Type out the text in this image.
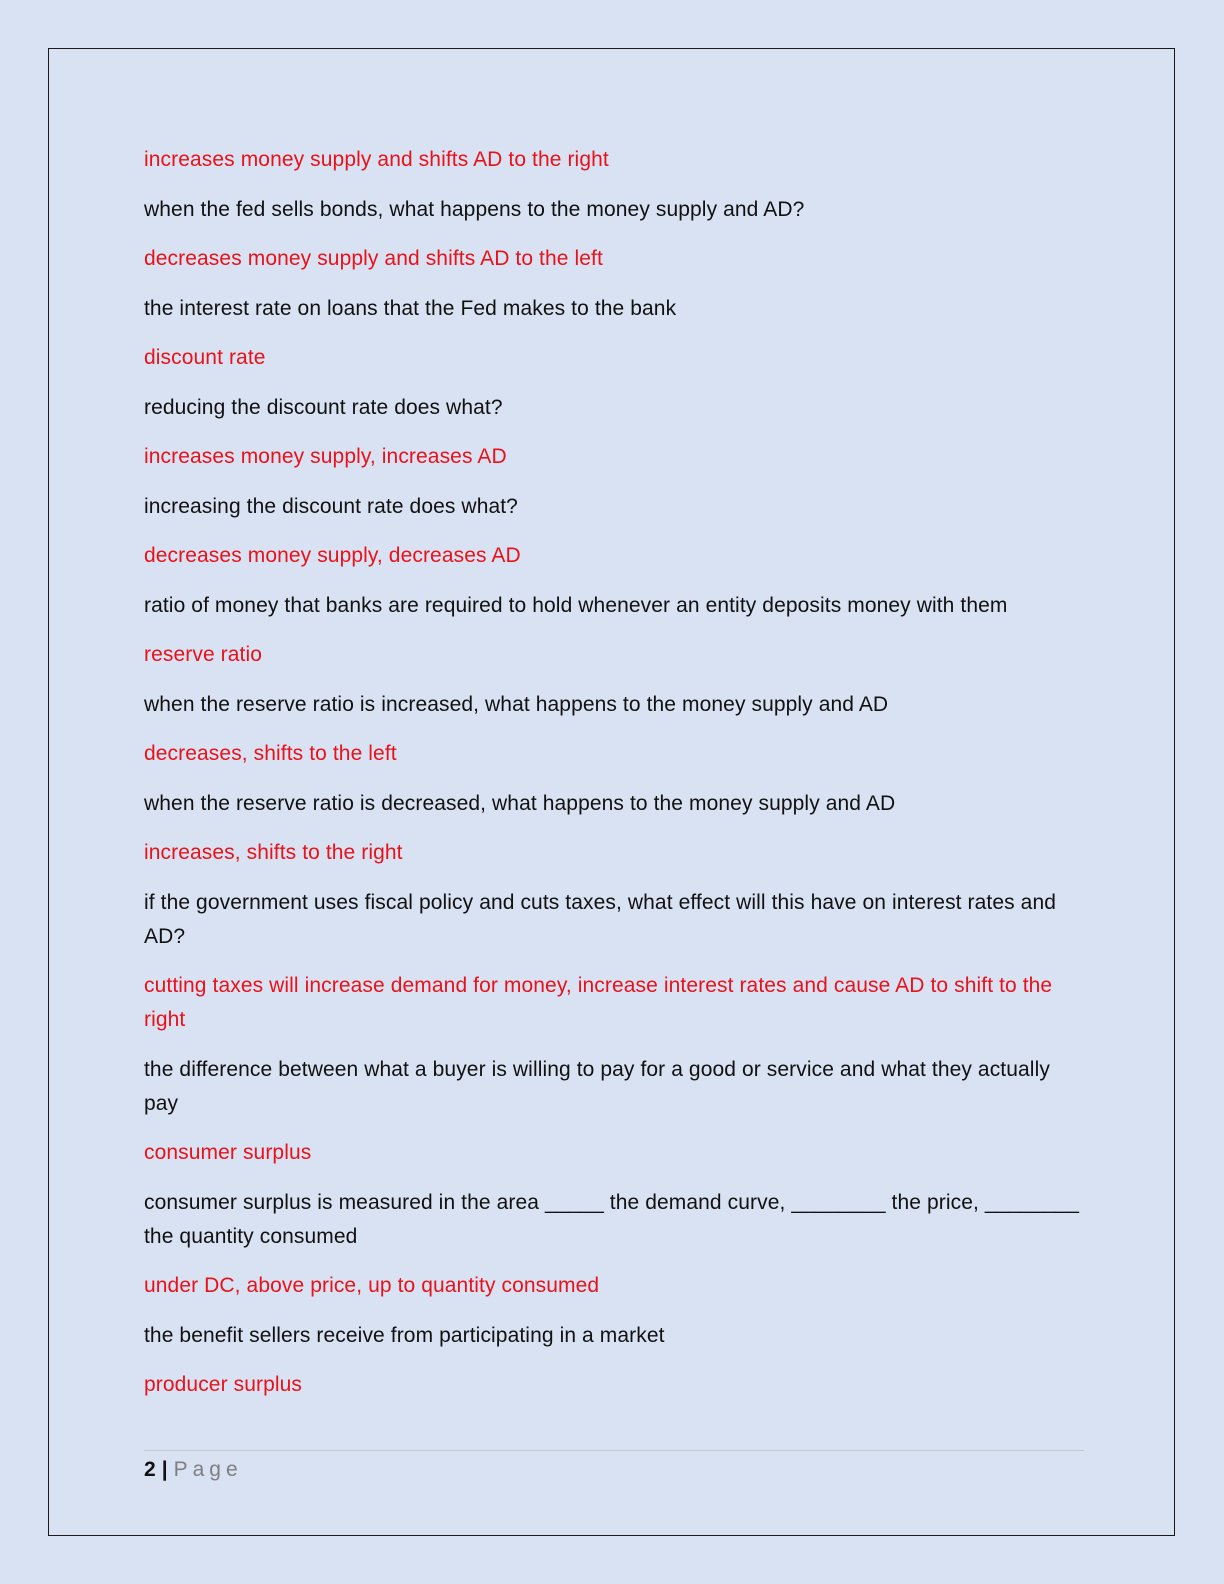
increases money supply and shifts AD to the right

when the fed sells bonds, what happens to the money supply and AD?

decreases money supply and shifts AD to the left

the interest rate on loans that the Fed makes to the bank

discount rate

reducing the discount rate does what?

increases money supply, increases AD

increasing the discount rate does what?

decreases money supply, decreases AD

ratio of money that banks are required to hold whenever an entity deposits money with them

reserve ratio

when the reserve ratio is increased, what happens to the money supply and AD

decreases, shifts to the left

when the reserve ratio is decreased, what happens to the money supply and AD

increases, shifts to the right

if the government uses fiscal policy and cuts taxes, what effect will this have on interest rates and AD?

cutting taxes will increase demand for money, increase interest rates and cause AD to shift to the right

the difference between what a buyer is willing to pay for a good or service and what they actually pay

consumer surplus

consumer surplus is measured in the area _____ the demand curve, ________ the price, ________ the quantity consumed

under DC, above price, up to quantity consumed

the benefit sellers receive from participating in a market

producer surplus

2 | Page
